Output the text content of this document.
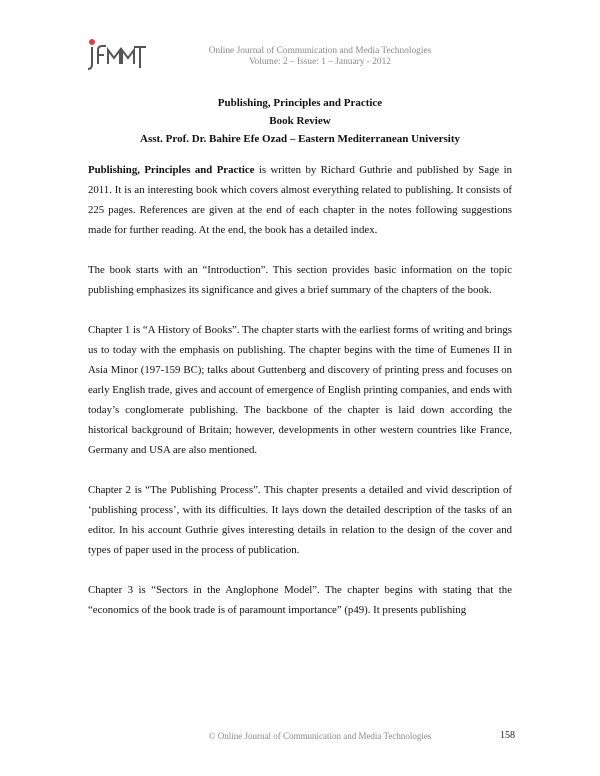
Online Journal of Communication and Media Technologies
Volume: 2 – Issue: 1 – January - 2012
Publishing, Principles and Practice
Book Review
Asst. Prof. Dr. Bahire Efe Ozad – Eastern Mediterranean University

Publishing, Principles and Practice is written by Richard Guthrie and published by Sage in 2011. It is an interesting book which covers almost everything related to publishing. It consists of 225 pages. References are given at the end of each chapter in the notes following suggestions made for further reading. At the end, the book has a detailed index.

The book starts with an “Introduction”. This section provides basic information on the topic publishing emphasizes its significance and gives a brief summary of the chapters of the book.

Chapter 1 is “A History of Books”. The chapter starts with the earliest forms of writing and brings us to today with the emphasis on publishing. The chapter begins with the time of Eumenes II in Asia Minor (197-159 BC); talks about Guttenberg and discovery of printing press and focuses on early English trade, gives and account of emergence of English printing companies, and ends with today’s conglomerate publishing. The backbone of the chapter is laid down according the historical background of Britain; however, developments in other western countries like France, Germany and USA are also mentioned.

Chapter 2 is “The Publishing Process”. This chapter presents a detailed and vivid description of ‘publishing process’, with its difficulties. It lays down the detailed description of the tasks of an editor. In his account Guthrie gives interesting details in relation to the design of the cover and types of paper used in the process of publication.

Chapter 3 is “Sectors in the Anglophone Model”. The chapter begins with stating that the “economics of the book trade is of paramount importance” (p49). It presents publishing

© Online Journal of Communication and Media Technologies	158
